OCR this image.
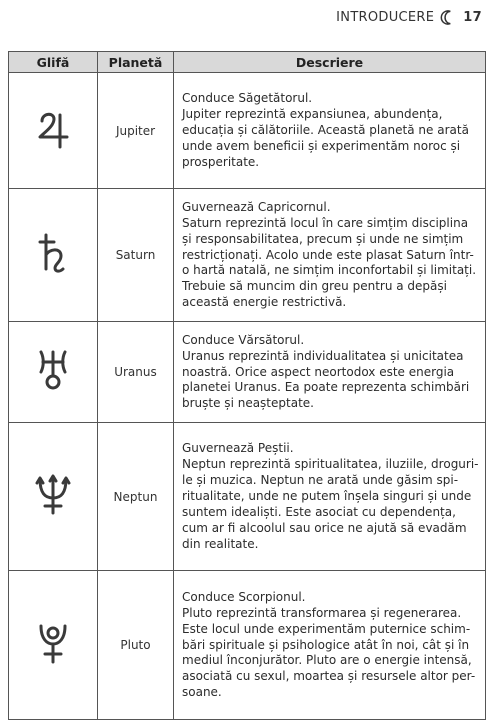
INTRODUCERE 17
Glifă	Planetă	Descriere
	Jupiter	Conduce Săgetătorul.
Jupiter reprezintă expansiunea, abundența, educația și călătoriile. Această planetă ne arată unde avem beneficii și experimentăm noroc și prosperitate.

	Saturn	Guvernează Capricornul.
Saturn reprezintă locul în care simțim disciplina și responsabilitatea, precum și unde ne simțim restricționați. Acolo unde este plasat Saturn într-o hartă natală, ne simțim inconfortabil și limitați. Trebuie să muncim din greu pentru a depăși această energie restrictivă.

	Uranus	Conduce Vărsătorul.
Uranus reprezintă individualitatea și unicitatea noastră. Orice aspect neortodox este energia planetei Uranus. Ea poate reprezenta schimbări bruște și neașteptate.

	Neptun	Guvernează Peștii.
Neptun reprezintă spiritualitatea, iluziile, droguri-le și muzica. Neptun ne arată unde găsim spi-ritualitate, unde ne putem înșela singuri și unde suntem idealiști. Este asociat cu dependența, cum ar fi alcoolul sau orice ne ajută să evadăm din realitate.

	Pluto	Conduce Scorpionul.
Pluto reprezintă transformarea și regenerarea. Este locul unde experimentăm puternice schim-bări spirituale și psihologice atât în noi, cât și în mediul înconjurător. Pluto are o energie intensă, asociată cu sexul, moartea și resursele altor per-soane.
